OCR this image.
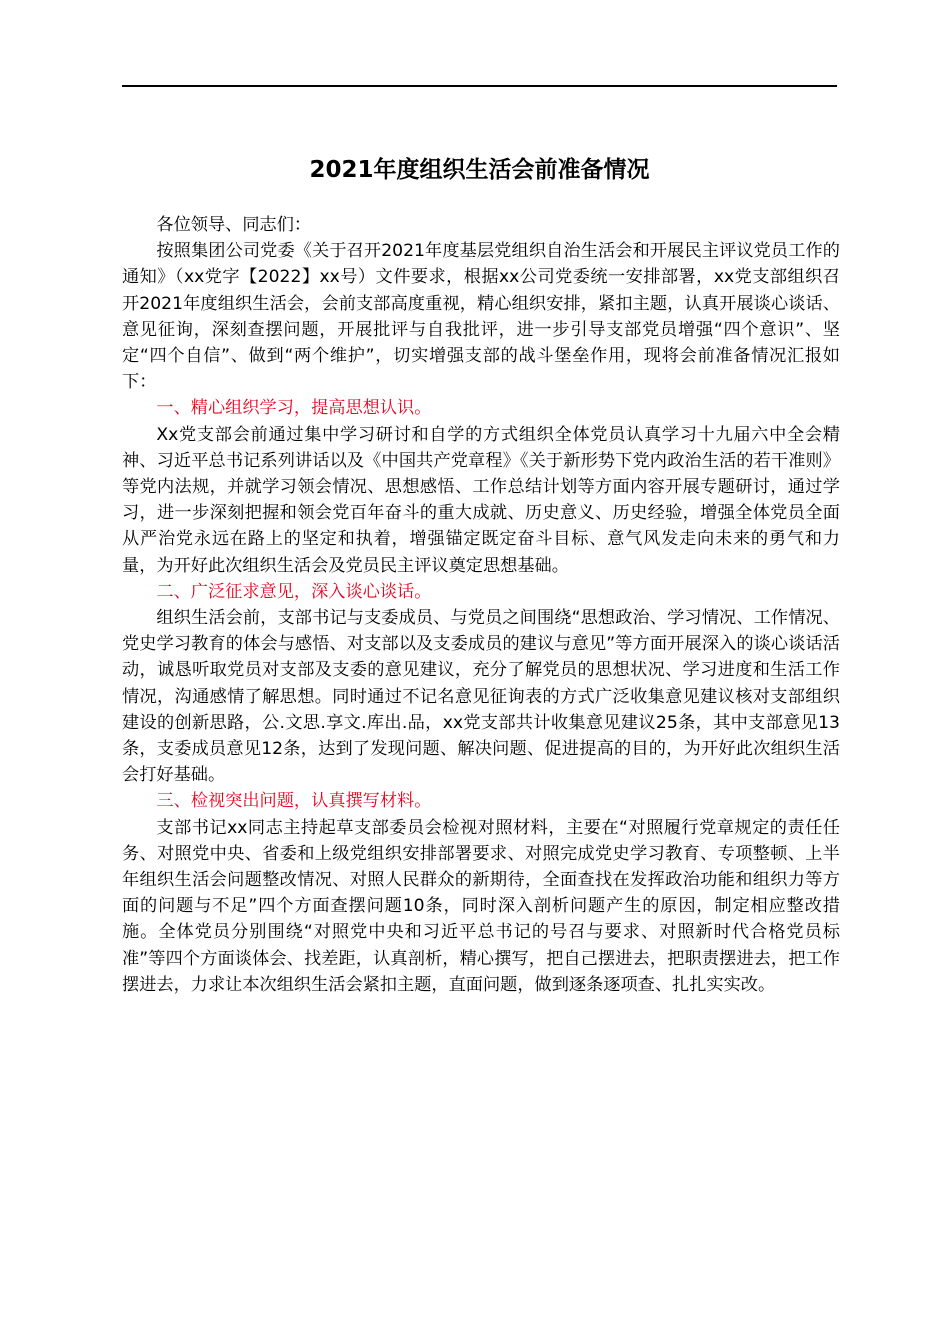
2021年度组织生活会前准备情况

各位领导、同志们：

按照集团公司党委《关于召开2021年度基层党组织自治生活会和开展民主评议党员工作的通知》（xx党字【2022】xx号）文件要求，根据xx公司党委统一安排部署，xx党支部组织召开2021年度组织生活会，会前支部高度重视，精心组织安排，紧扣主题，认真开展谈心谈话、意见征询，深刻查摆问题，开展批评与自我批评，进一步引导支部党员增强“四个意识”、坚定“四个自信”、做到“两个维护”，切实增强支部的战斗堡垒作用，现将会前准备情况汇报如下：

一、精心组织学习，提高思想认识。

Xx党支部会前通过集中学习研讨和自学的方式组织全体党员认真学习十九届六中全会精神、习近平总书记系列讲话以及《中国共产党章程》《关于新形势下党内政治生活的若干准则》等党内法规，并就学习领会情况、思想感悟、工作总结计划等方面内容开展专题研讨，通过学习，进一步深刻把握和领会党百年奋斗的重大成就、历史意义、历史经验，增强全体党员全面从严治党永远在路上的坚定和执着，增强锚定既定奋斗目标、意气风发走向未来的勇气和力量，为开好此次组织生活会及党员民主评议奠定思想基础。

二、广泛征求意见，深入谈心谈话。

组织生活会前，支部书记与支委成员、与党员之间围绕“思想政治、学习情况、工作情况、党史学习教育的体会与感悟、对支部以及支委成员的建议与意见”等方面开展深入的谈心谈话活动，诚恳听取党员对支部及支委的意见建议，充分了解党员的思想状况、学习进度和生活工作情况，沟通感情了解思想。同时通过不记名意见征询表的方式广泛收集意见建议核对支部组织建设的创新思路，公.文思.享文.库出.品，xx党支部共计收集意见建议25条，其中支部意见13条，支委成员意见12条，达到了发现问题、解决问题、促进提高的目的，为开好此次组织生活会打好基础。

三、检视突出问题，认真撰写材料。

支部书记xx同志主持起草支部委员会检视对照材料，主要在“对照履行党章规定的责任任务、对照党中央、省委和上级党组织安排部署要求、对照完成党史学习教育、专项整顿、上半年组织生活会问题整改情况、对照人民群众的新期待，全面查找在发挥政治功能和组织力等方面的问题与不足”四个方面查摆问题10条，同时深入剖析问题产生的原因，制定相应整改措施。全体党员分别围绕“对照党中央和习近平总书记的号召与要求、对照新时代合格党员标准”等四个方面谈体会、找差距，认真剖析，精心撰写，把自己摆进去，把职责摆进去，把工作摆进去，力求让本次组织生活会紧扣主题，直面问题，做到逐条逐项查、扎扎实实改。
